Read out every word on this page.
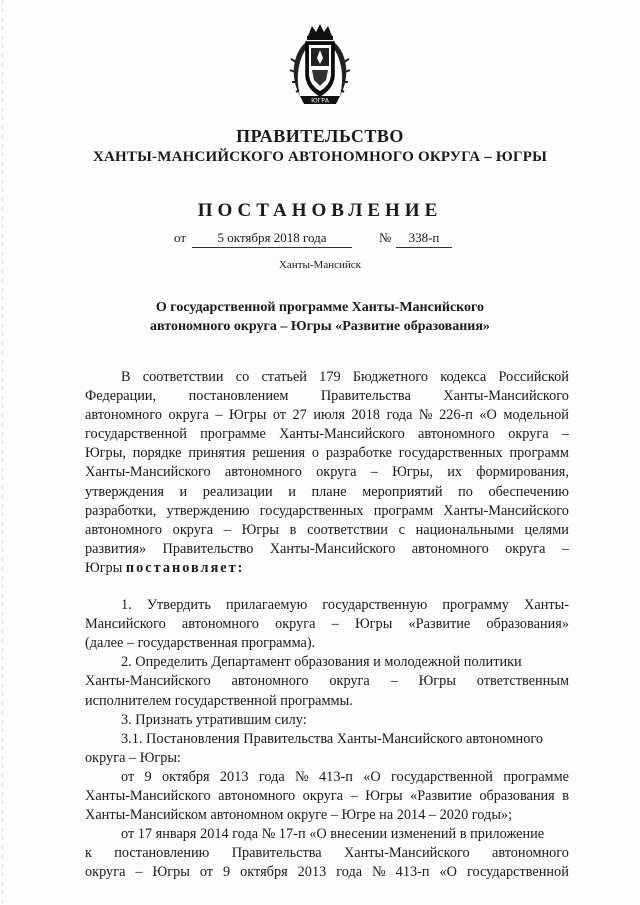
ЮГРА
ПРАВИТЕЛЬСТВО
ХАНТЫ-МАНСИЙСКОГО АВТОНОМНОГО ОКРУГА – ЮГРЫ
ПОСТАНОВЛЕНИЕ
от	5 октября 2018 года	№	338-п
Ханты-Мансийск
О государственной программе Ханты-Мансийского
автономного округа – Югры «Развитие образования»
В соответствии со статьей 179 Бюджетного кодекса Российской
Федерации, постановлением Правительства Ханты-Мансийского
автономного округа – Югры от 27 июля 2018 года № 226-п «О модельной
государственной программе Ханты-Мансийского автономного округа –
Югры, порядке принятия решения о разработке государственных программ
Ханты-Мансийского автономного округа – Югры, их формирования,
утверждения и реализации и плане мероприятий по обеспечению
разработки, утверждению государственных программ Ханты-Мансийского
автономного округа – Югры в соответствии с национальными целями
развития» Правительство Ханты-Мансийского автономного округа –
Югры
постановляет:
1. Утвердить прилагаемую государственную программу Ханты-
Мансийского автономного округа – Югры «Развитие образования»
(далее – государственная программа).
2. Определить Департамент образования и молодежной политики
Ханты-Мансийского автономного округа – Югры ответственным
исполнителем государственной программы.
3. Признать утратившим силу:
3.1. Постановления Правительства Ханты-Мансийского автономного
округа – Югры:
от 9 октября 2013 года № 413-п «О государственной программе
Ханты-Мансийского автономного округа – Югры «Развитие образования в
Ханты-Мансийском автономном округе – Югре на 2014 – 2020 годы»;
от 17 января 2014 года № 17-п «О внесении изменений в приложение
к постановлению Правительства Ханты-Мансийского автономного
округа – Югры от 9 октября 2013 года № 413-п «О государственной
